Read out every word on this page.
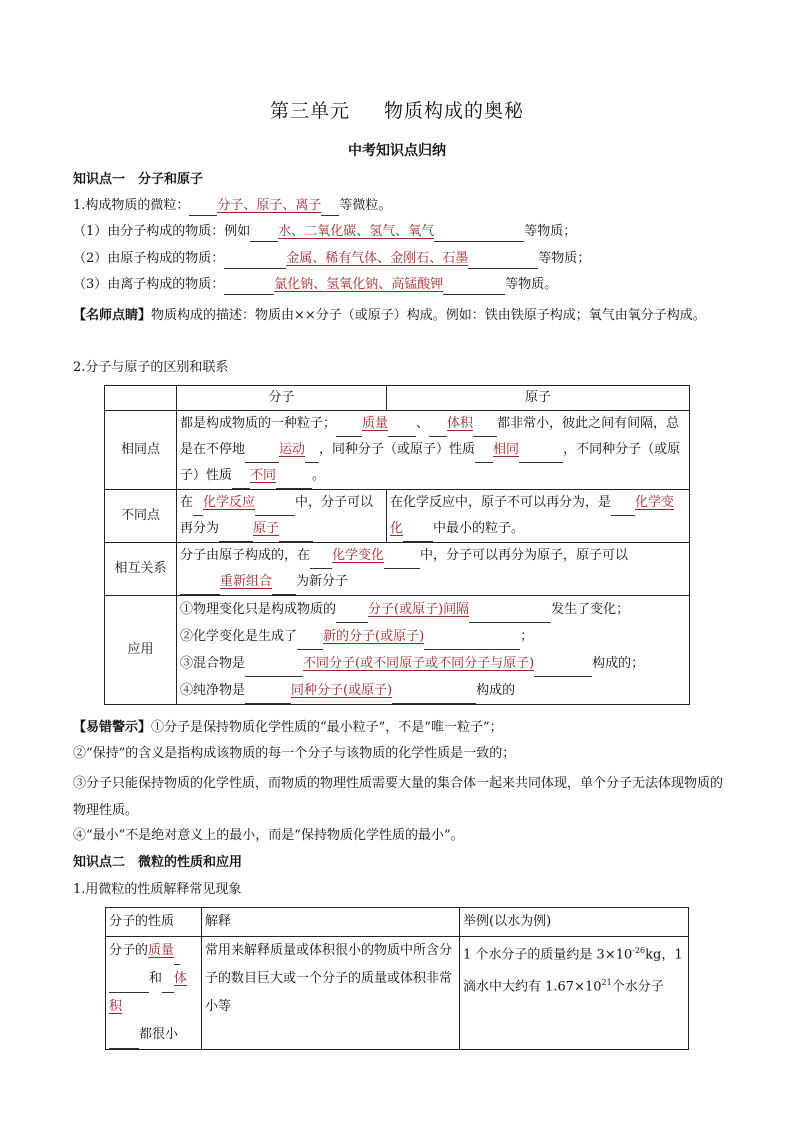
第三单元 物质构成的奥秘
中考知识点归纳
知识点一　分子和原子
1.构成物质的微粒： 分子、原子、离子 等微粒。
（1）由分子构成的物质：例如 水、二氧化碳、氢气、氧气	等物质；
（2）由原子构成的物质：	金属、稀有气体、金刚石、石墨	等物质；
（3）由离子构成的物质：	氯化钠、氢氧化钠、高锰酸钾	等物质。
【名师点睛】物质构成的描述：物质由××分子（或原子）构成。例如：铁由铁原子构成；氧气由氧分子构成。
2.分子与原子的区别和联系
	分子	原子
相同点	都是构成物质的一种粒子； 质量 、 体积 都非常小，彼此之间有间隔，总是在不停地 运动 ，同种分子（或原子）性质 相同 ，不同种分子（或原子）性质 不同 。	
不同点	在 化学反应 中，分子可以再分为 原子	在化学反应中，原子不可以再分为，是 化学变化 中最小的粒子。
相互关系	分子由原子构成的，在 化学变化 中，分子可以再分为原子，原子可以
重新组合 为新分子	
应用	①物理变化只是构成物质的 分子(或原子)间隔 发生了变化；
②化学变化是生成了 新的分子(或原子) ；
③混合物是 不同分子(或不同原子或不同分子与原子) 构成的；
④纯净物是 同种分子(或原子) 构成的	
【易错警示】①分子是保持物质化学性质的“最小粒子”，不是“唯一粒子”；
②“保持”的含义是指构成该物质的每一个分子与该物质的化学性质是一致的；
③分子只能保持物质的化学性质，而物质的物理性质需要大量的集合体一起来共同体现，单个分子无法体现物质的物理性质。
④“最小”不是绝对意义上的最小，而是“保持物质化学性质的最小”。
知识点二　微粒的性质和应用
1.用微粒的性质解释常见现象
分子的性质	解释	举例(以水为例)
分子的质量
和 体积
都很小	常用来解释质量或体积很小的物质中所含分子的数目巨大或一个分子的质量或体积非常小等	1 个水分子的质量约是 $3\times 10^{-26}kg$，1 滴水中大约有 $1.67\times 10^{21}$个水分子
